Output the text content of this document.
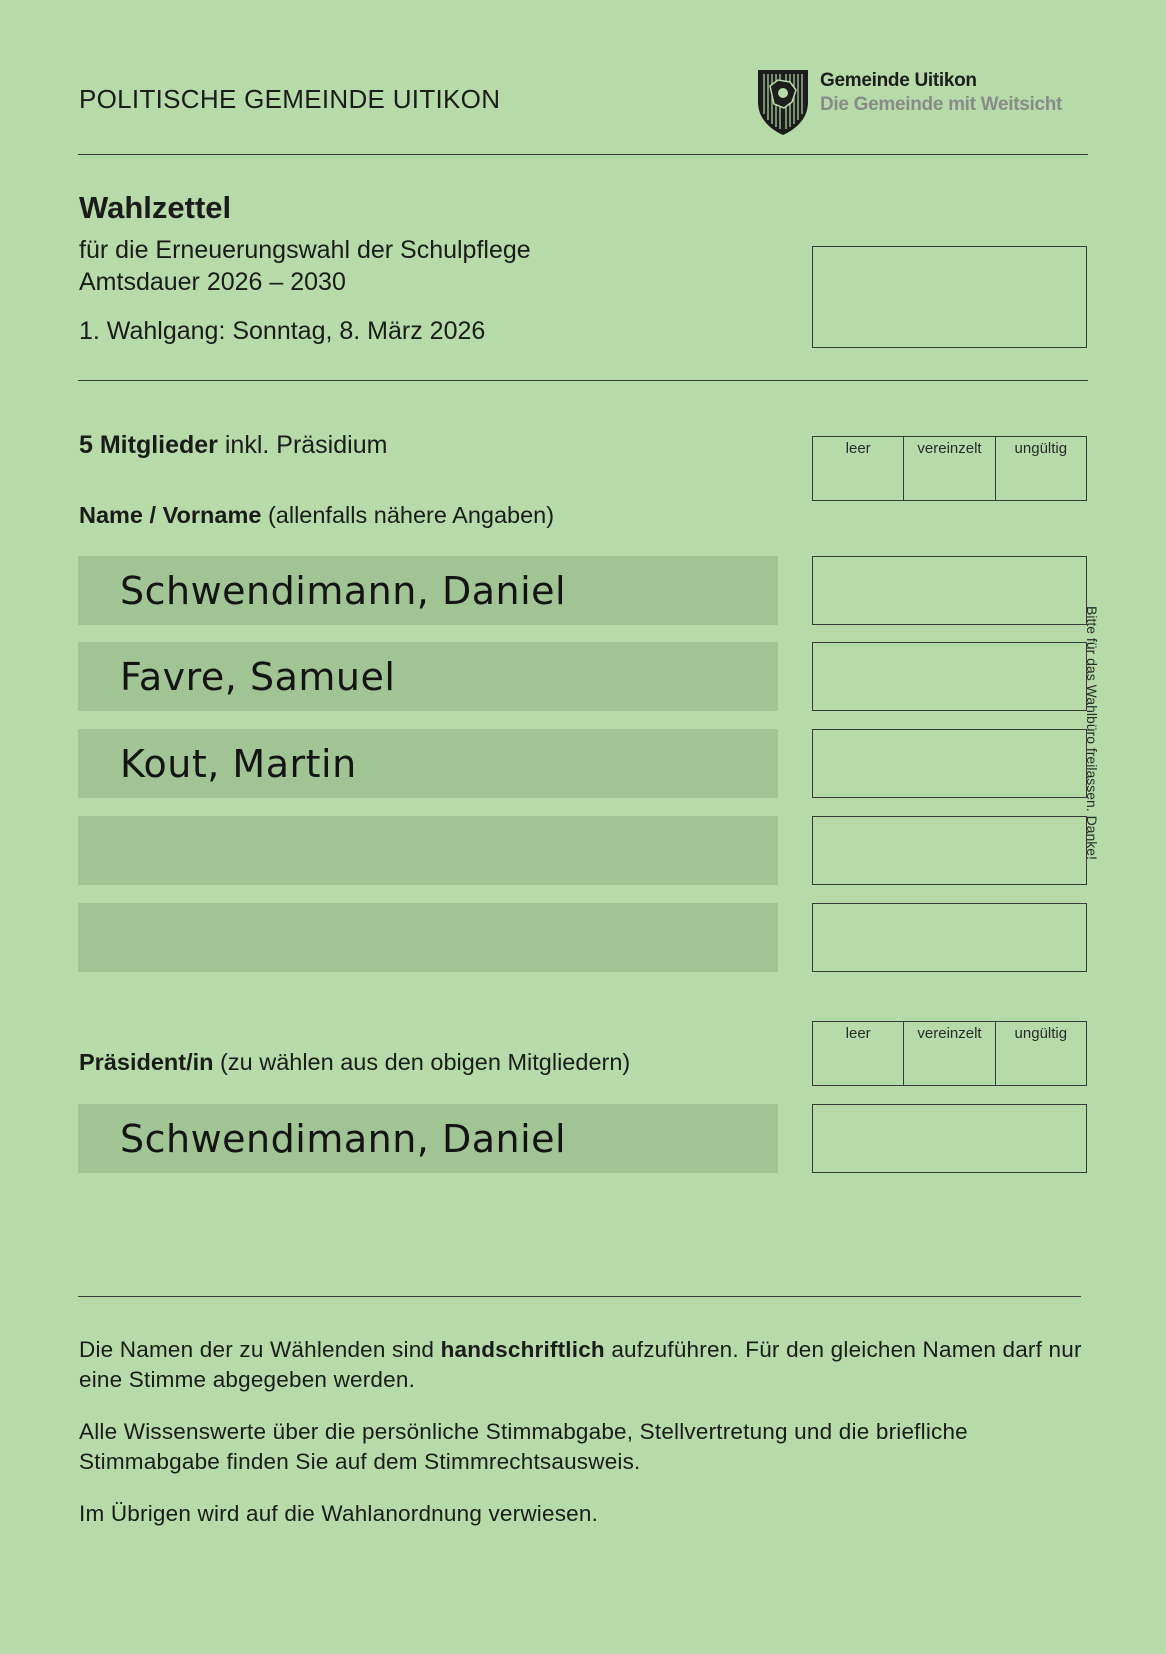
POLITISCHE GEMEINDE UITIKON
Gemeinde Uitikon
Die Gemeinde mit Weitsicht
Wahlzettel
für die Erneuerungswahl der Schulpflege
Amtsdauer 2026 – 2030
1. Wahlgang: Sonntag, 8. März 2026
5 Mitglieder inkl. Präsidium	leer	vereinzelt	ungültig
Name / Vorname (allenfalls nähere Angaben)
Schwendimann, Daniel
Favre, Samuel
Kout, Martin	Bitte für das Wahlbüro freilassen. Danke!
leer	vereinzelt	ungültig
Präsident/in (zu wählen aus den obigen Mitgliedern)
Schwendimann, Daniel

Die Namen der zu Wählenden sind handschriftlich aufzuführen. Für den gleichen Namen darf nur eine Stimme abgegeben werden.

Alle Wissenswerte über die persönliche Stimmabgabe, Stellvertretung und die briefliche Stimmabgabe finden Sie auf dem Stimmrechtsausweis.

Im Übrigen wird auf die Wahlanordnung verwiesen.
